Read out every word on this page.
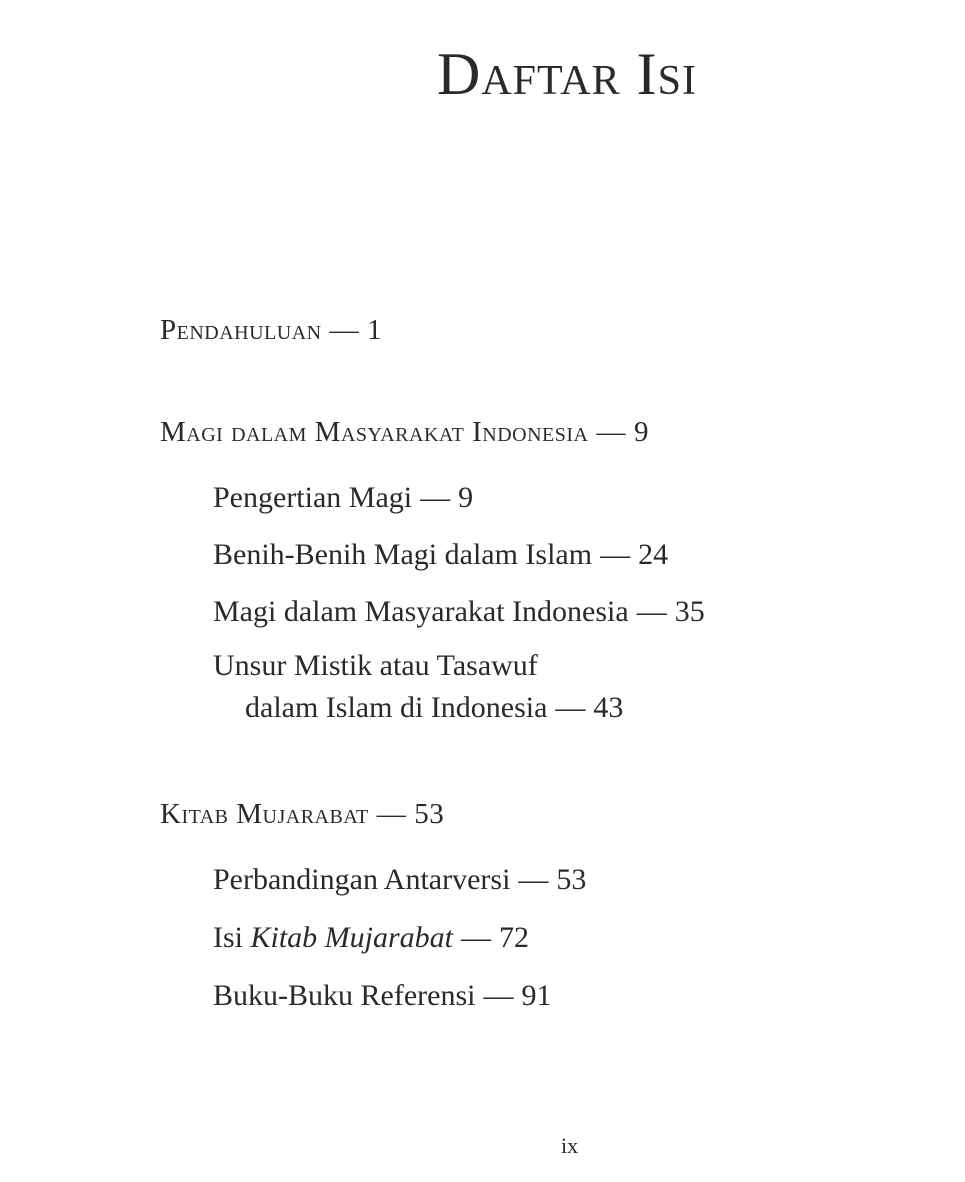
Daftar Isi
Pendahuluan — 1
Magi dalam Masyarakat Indonesia — 9
Pengertian Magi — 9
Benih-Benih Magi dalam Islam — 24
Magi dalam Masyarakat Indonesia — 35
Unsur Mistik atau Tasawuf
dalam Islam di Indonesia — 43
Kitab Mujarabat — 53
Perbandingan Antarversi — 53
Isi Kitab Mujarabat — 72
Buku-Buku Referensi — 91
ix
